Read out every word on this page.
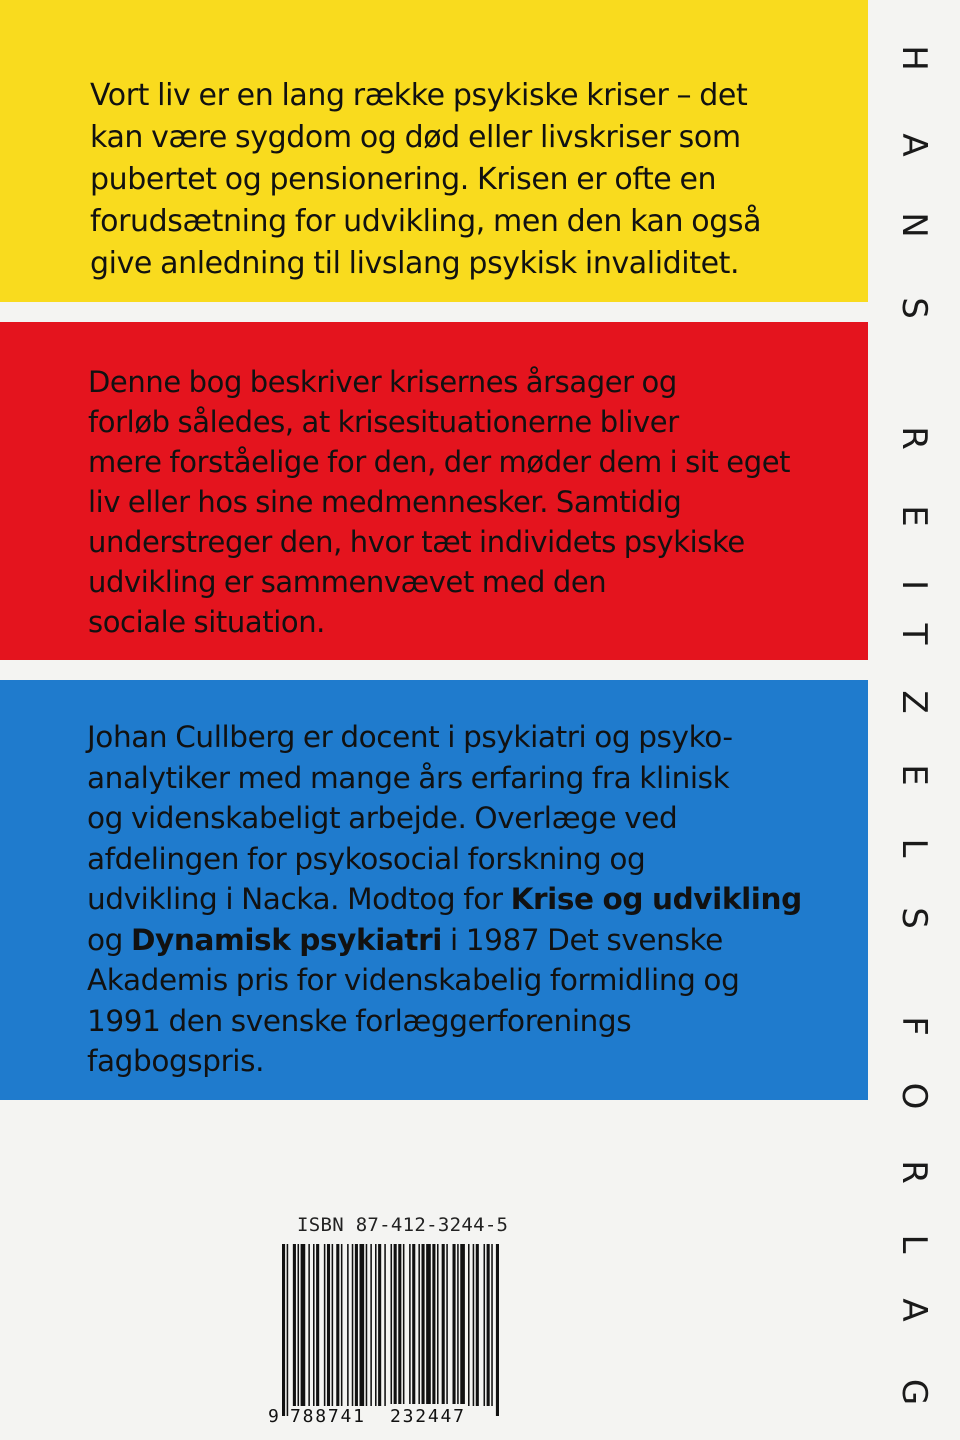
Vort liv er en lang række psykiske kriser – det
kan være sygdom og død eller livskriser som
pubertet og pensionering. Krisen er ofte en
forudsætning for udvikling, men den kan også
give anledning til livslang psykisk invaliditet.

Denne bog beskriver krisernes årsager og
forløb således, at krisesituationerne bliver
mere forståelige for den, der møder dem i sit eget
liv eller hos sine medmennesker. Samtidig
understreger den, hvor tæt individets psykiske
udvikling er sammenvævet med den
sociale situation.

Johan Cullberg er docent i psykiatri og psyko-
analytiker med mange års erfaring fra klinisk
og videnskabeligt arbejde. Overlæge ved
afdelingen for psykosocial forskning og
udvikling i Nacka. Modtog for Krise og udvikling
og Dynamisk psykiatri i 1987 Det svenske
Akademis pris for videnskabelig formidling og
1991 den svenske forlæggerforenings
fagbogspris.

H
A
N
S
R
E
I
T
Z
E
L
S
F
O
R
L
A
G

ISBN 87-412-3244-5

9 788741 232447
